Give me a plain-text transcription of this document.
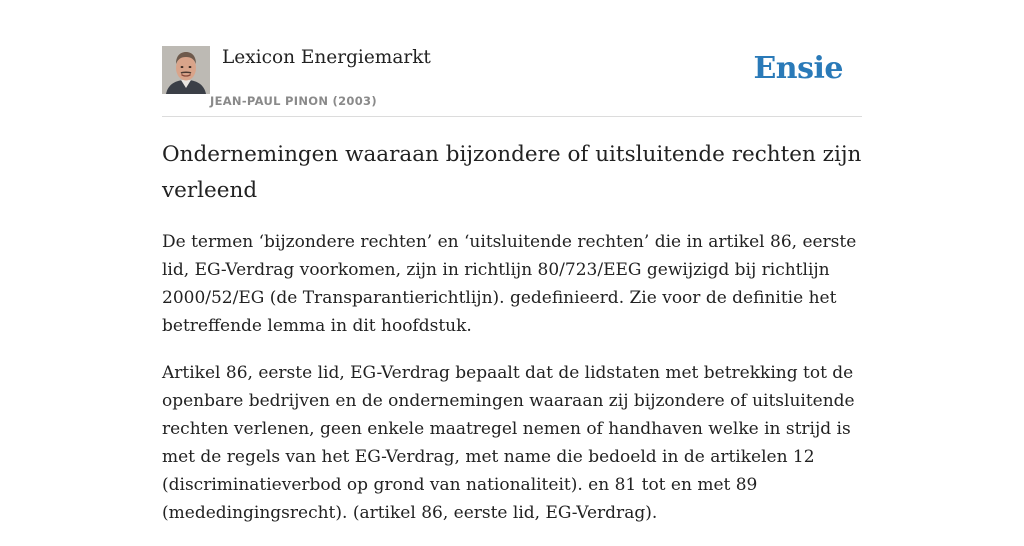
Lexicon Energiemarkt
JEAN-PAUL PINON (2003)
Ensie
Ondernemingen waaraan bijzondere of uitsluitende rechten zijn verleend

De termen ‘bijzondere rechten’ en ‘uitsluitende rechten’ die in artikel 86, eerste lid, EG-Verdrag voorkomen, zijn in richtlijn 80/723/EEG gewijzigd bij richtlijn 2000/52/EG (de Transparantierichtlijn). gedefinieerd. Zie voor de definitie het betreffende lemma in dit hoofdstuk.

Artikel 86, eerste lid, EG-Verdrag bepaalt dat de lidstaten met betrekking tot de openbare bedrijven en de ondernemingen waaraan zij bijzondere of uitsluitende rechten verlenen, geen enkele maatregel nemen of handhaven welke in strijd is met de regels van het EG-Verdrag, met name die bedoeld in de artikelen 12 (discriminatieverbod op grond van nationaliteit). en 81 tot en met 89 (mededingingsrecht). (artikel 86, eerste lid, EG-Verdrag).
